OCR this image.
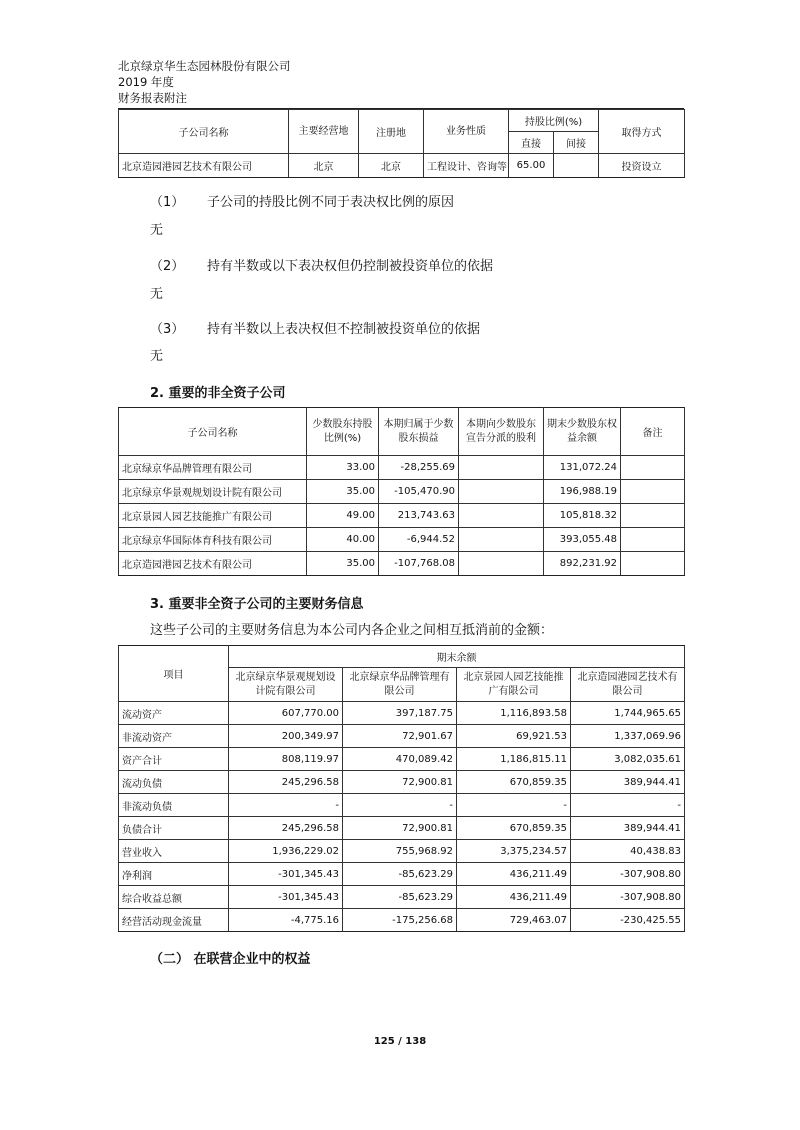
北京绿京华生态园林股份有限公司
2019 年度
财务报表附注
子公司名称	主要经营地	注册地	业务性质	持股比例(%)		取得方式
				直接	间接	
北京造园港园艺技术有限公司	北京	北京	工程设计、咨询等	65.00		投资设立
（1） 子公司的持股比例不同于表决权比例的原因
无
（2） 持有半数或以下表决权但仍控制被投资单位的依据
无
（3） 持有半数以上表决权但不控制被投资单位的依据
无
2. 重要的非全资子公司
子公司名称	少数股东持股比例(%)	本期归属于少数股东损益	本期向少数股东宣告分派的股利	期末少数股东权益余额	备注
北京绿京华品牌管理有限公司	33.00	-28,255.69		131,072.24	
北京绿京华景观规划设计院有限公司	35.00	-105,470.90		196,988.19	
北京景园人园艺技能推广有限公司	49.00	213,743.63		105,818.32	
北京绿京华国际体育科技有限公司	40.00	-6,944.52		393,055.48	
北京造园港园艺技术有限公司	35.00	-107,768.08		892,231.92	
3. 重要非全资子公司的主要财务信息
这些子公司的主要财务信息为本公司内各企业之间相互抵消前的金额：
项目	期末余额			
	北京绿京华景观规划设计院有限公司	北京绿京华品牌管理有限公司	北京景园人园艺技能推广有限公司	北京造园港园艺技术有限公司
流动资产	607,770.00	397,187.75	1,116,893.58	1,744,965.65
非流动资产	200,349.97	72,901.67	69,921.53	1,337,069.96
资产合计	808,119.97	470,089.42	1,186,815.11	3,082,035.61
流动负债	245,296.58	72,900.81	670,859.35	389,944.41
非流动负债	-	-	-	-
负债合计	245,296.58	72,900.81	670,859.35	389,944.41
营业收入	1,936,229.02	755,968.92	3,375,234.57	40,438.83
净利润	-301,345.43	-85,623.29	436,211.49	-307,908.80
综合收益总额	-301,345.43	-85,623.29	436,211.49	-307,908.80
经营活动现金流量	-4,775.16	-175,256.68	729,463.07	-230,425.55
（二） 在联营企业中的权益
125 / 138
